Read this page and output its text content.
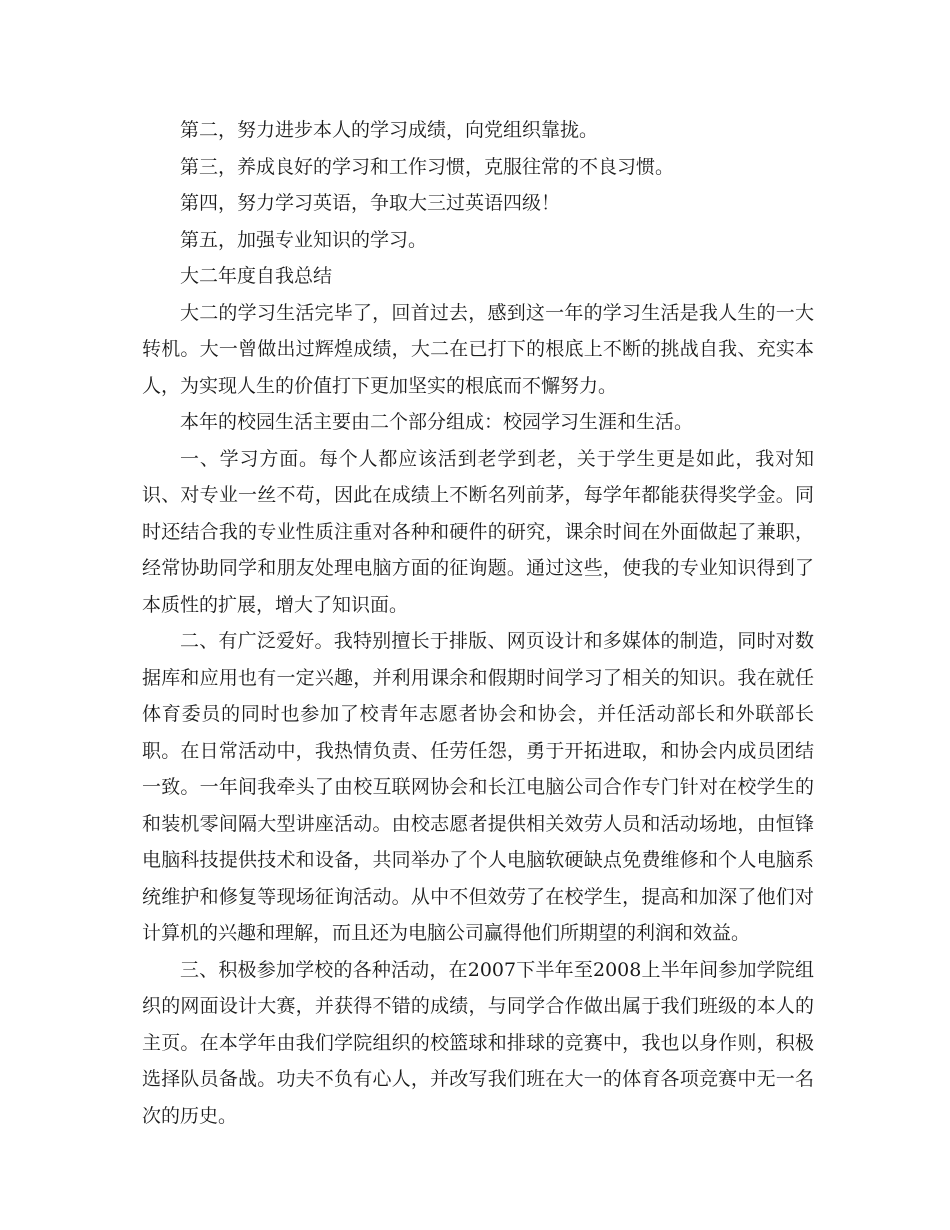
第二，努力进步本人的学习成绩，向党组织靠拢。

第三，养成良好的学习和工作习惯，克服往常的不良习惯。

第四，努力学习英语，争取大三过英语四级！

第五，加强专业知识的学习。

大二年度自我总结

大二的学习生活完毕了，回首过去，感到这一年的学习生活是我人生的一大转机。大一曾做出过辉煌成绩，大二在已打下的根底上不断的挑战自我、充实本人，为实现人生的价值打下更加坚实的根底而不懈努力。

本年的校园生活主要由二个部分组成：校园学习生涯和生活。

一、学习方面。每个人都应该活到老学到老，关于学生更是如此，我对知识、对专业一丝不苟，因此在成绩上不断名列前茅，每学年都能获得奖学金。同时还结合我的专业性质注重对各种和硬件的研究，课余时间在外面做起了兼职，经常协助同学和朋友处理电脑方面的征询题。通过这些，使我的专业知识得到了本质性的扩展，增大了知识面。

二、有广泛爱好。我特别擅长于排版、网页设计和多媒体的制造，同时对数据库和应用也有一定兴趣，并利用课余和假期时间学习了相关的知识。我在就任体育委员的同时也参加了校青年志愿者协会和协会，并任活动部长和外联部长职。在日常活动中，我热情负责、任劳任怨，勇于开拓进取，和协会内成员团结一致。一年间我牵头了由校互联网协会和长江电脑公司合作专门针对在校学生的和装机零间隔大型讲座活动。由校志愿者提供相关效劳人员和活动场地，由恒锋电脑科技提供技术和设备，共同举办了个人电脑软硬缺点免费维修和个人电脑系统维护和修复等现场征询活动。从中不但效劳了在校学生，提高和加深了他们对计算机的兴趣和理解，而且还为电脑公司赢得他们所期望的利润和效益。

三、积极参加学校的各种活动，在2007下半年至2008上半年间参加学院组织的网面设计大赛，并获得不错的成绩，与同学合作做出属于我们班级的本人的主页。在本学年由我们学院组织的校篮球和排球的竞赛中，我也以身作则，积极选择队员备战。功夫不负有心人，并改写我们班在大一的体育各项竞赛中无一名次的历史。
